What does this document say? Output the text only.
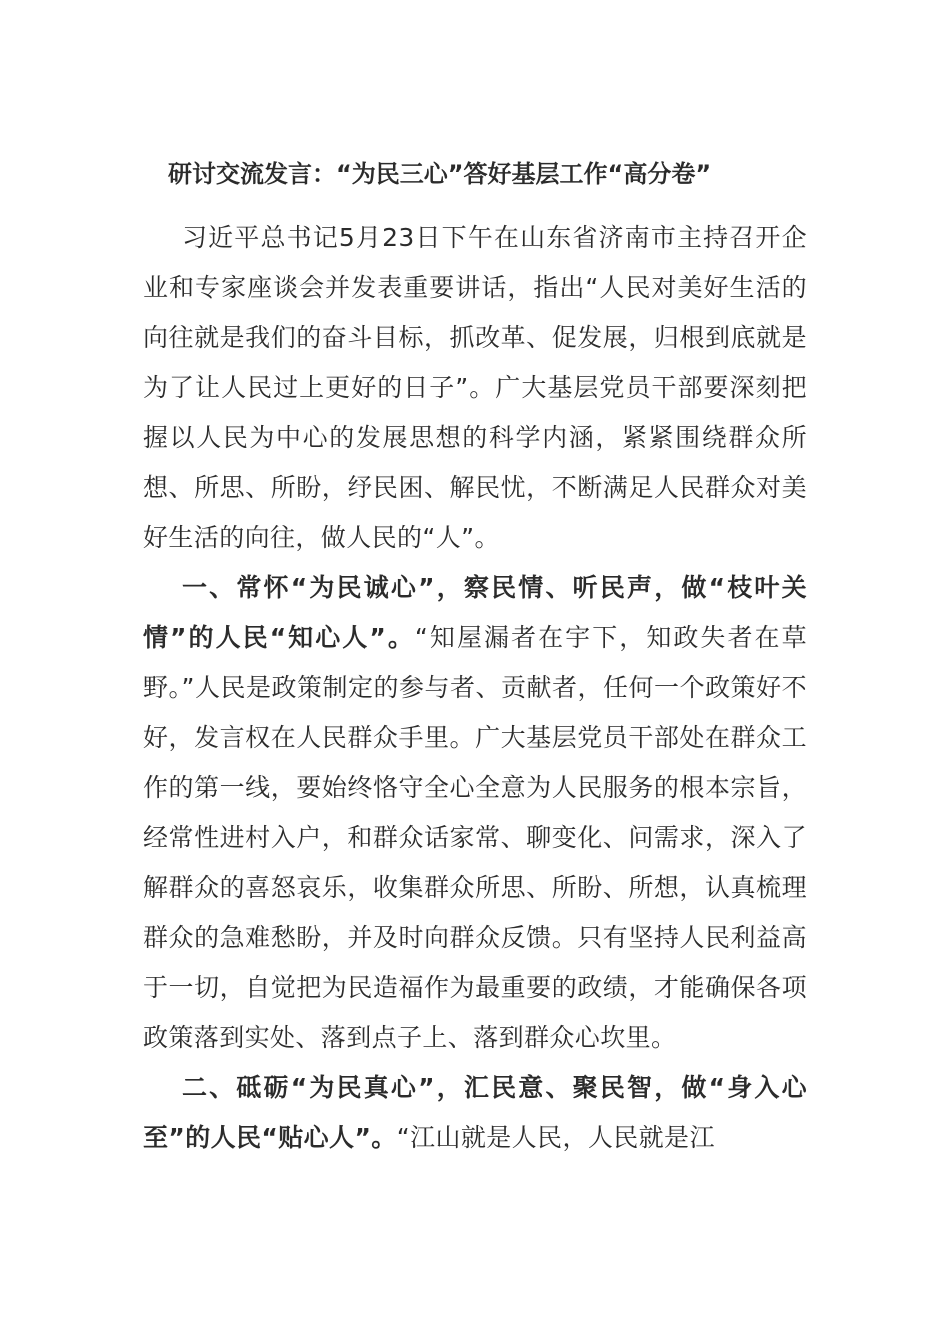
研讨交流发言：“为民三心”答好基层工作“高分卷”

习近平总书记5月23日下午在山东省济南市主持召开企业和专家座谈会并发表重要讲话，指出“人民对美好生活的向往就是我们的奋斗目标，抓改革、促发展，归根到底就是为了让人民过上更好的日子”。广大基层党员干部要深刻把握以人民为中心的发展思想的科学内涵，紧紧围绕群众所想、所思、所盼，纾民困、解民忧，不断满足人民群众对美好生活的向往，做人民的“人”。

一、常怀“为民诚心”，察民情、听民声，做“枝叶关情”的人民“知心人”。“知屋漏者在宇下，知政失者在草野。”人民是政策制定的参与者、贡献者，任何一个政策好不好，发言权在人民群众手里。广大基层党员干部处在群众工作的第一线，要始终恪守全心全意为人民服务的根本宗旨，经常性进村入户，和群众话家常、聊变化、问需求，深入了解群众的喜怒哀乐，收集群众所思、所盼、所想，认真梳理群众的急难愁盼，并及时向群众反馈。只有坚持人民利益高于一切，自觉把为民造福作为最重要的政绩，才能确保各项政策落到实处、落到点子上、落到群众心坎里。

二、砥砺“为民真心”，汇民意、聚民智，做“身入心至”的人民“贴心人”。“江山就是人民，人民就是江
